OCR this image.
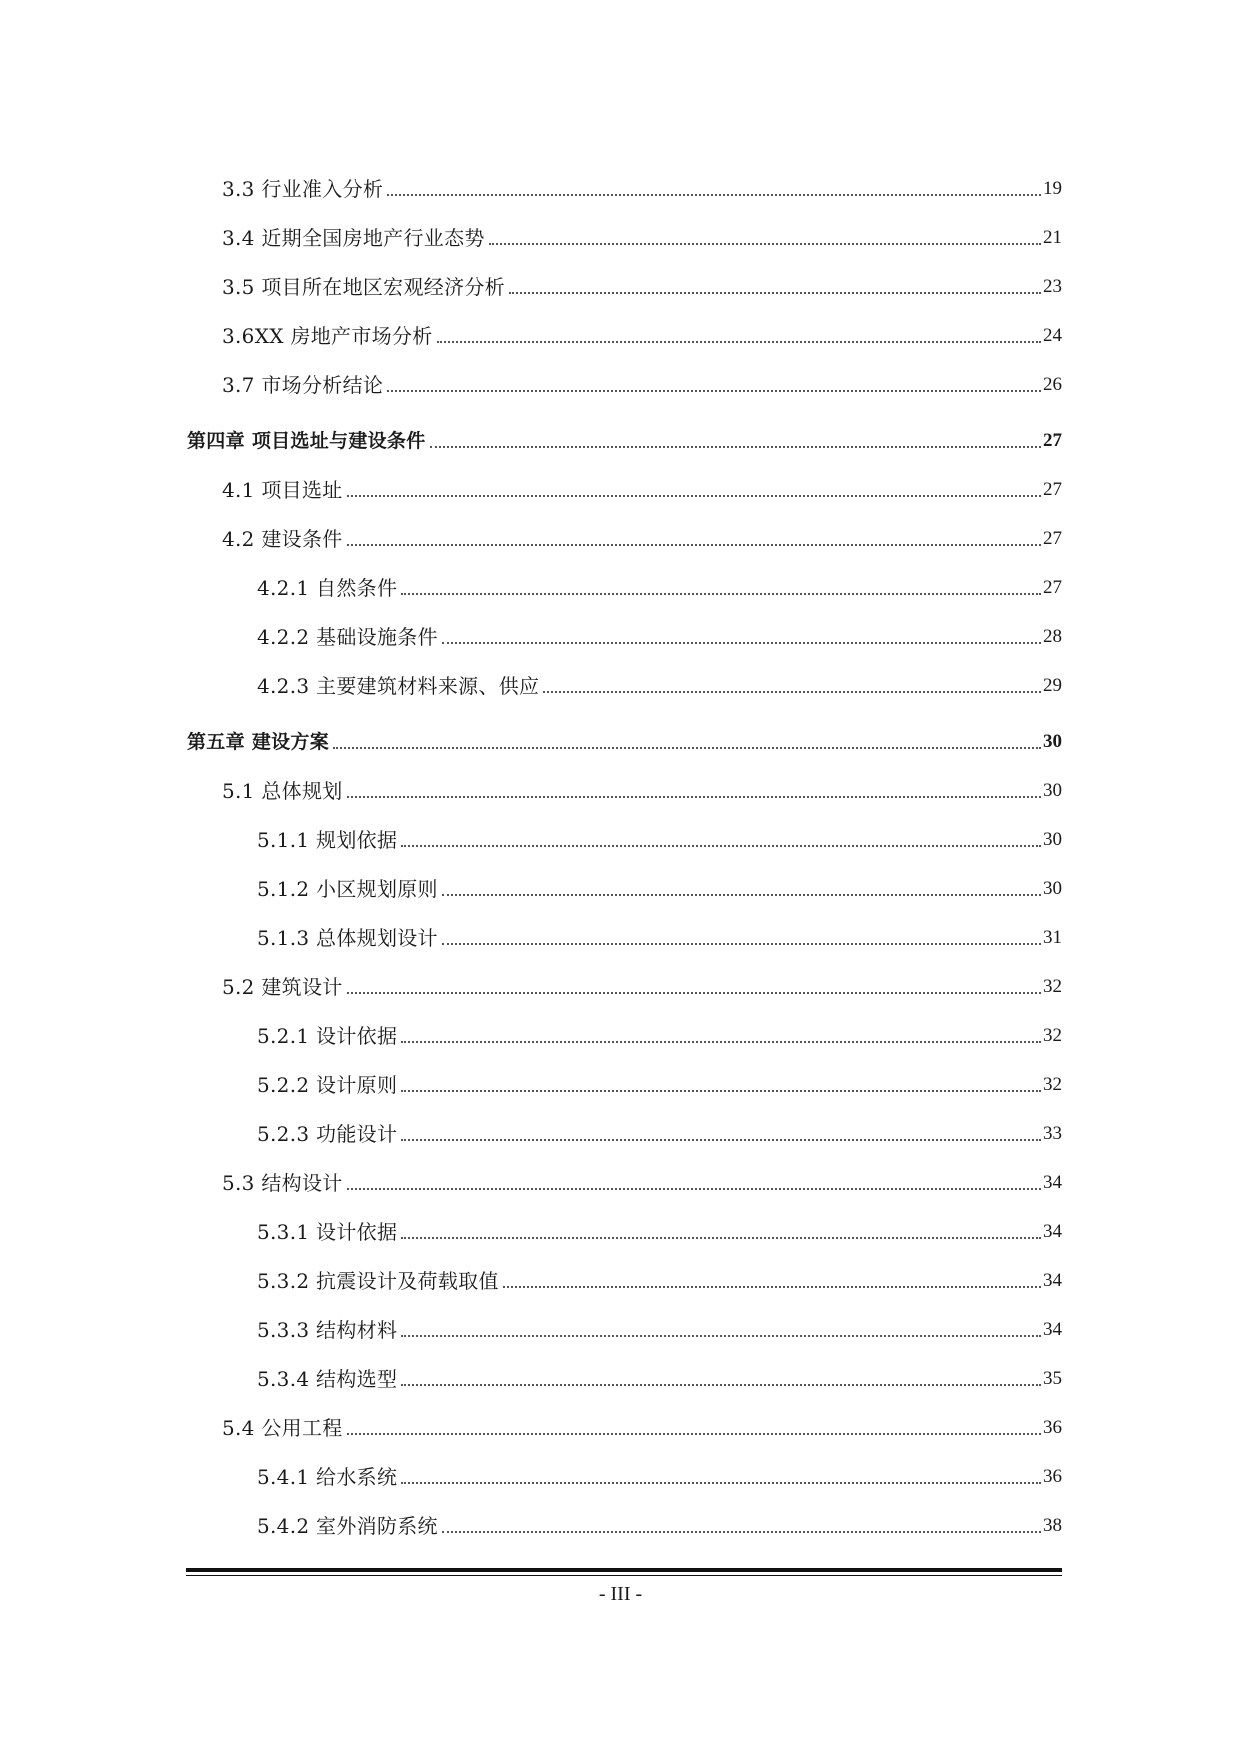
3.3 行业准入分析	19
3.4 近期全国房地产行业态势	21
3.5 项目所在地区宏观经济分析	23
3.6XX 房地产市场分析	24
3.7 市场分析结论	26
第四章 项目选址与建设条件	27
4.1 项目选址	27
4.2 建设条件	27
4.2.1 自然条件	27
4.2.2 基础设施条件	28
4.2.3 主要建筑材料来源、供应	29
第五章 建设方案	30
5.1 总体规划	30
5.1.1 规划依据	30
5.1.2 小区规划原则	30
5.1.3 总体规划设计	31
5.2 建筑设计	32
5.2.1 设计依据	32
5.2.2 设计原则	32
5.2.3 功能设计	33
5.3 结构设计	34
5.3.1 设计依据	34
5.3.2 抗震设计及荷载取值	34
5.3.3 结构材料	34
5.3.4 结构选型	35
5.4 公用工程	36
5.4.1 给水系统	36
5.4.2 室外消防系统	38
- III -
